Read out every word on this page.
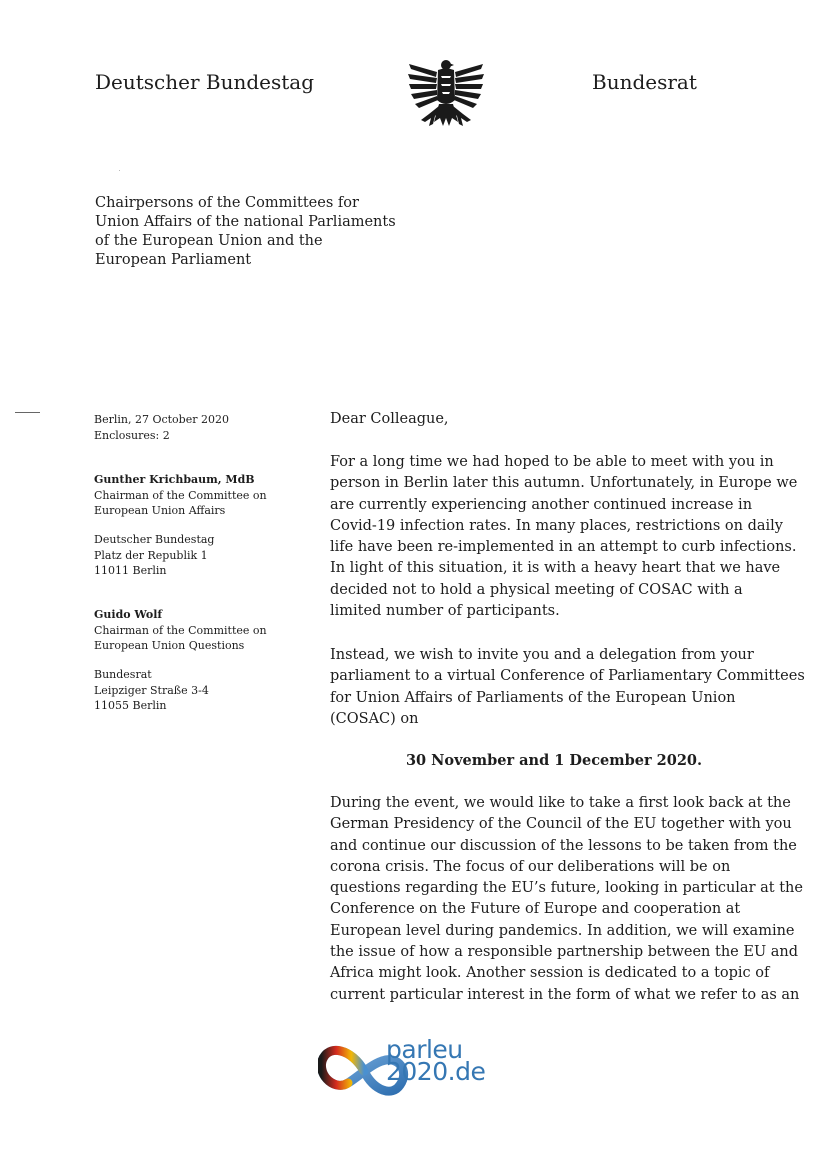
Deutscher Bundestag	Bundesrat
Chairpersons of the Committees for
Union Affairs of the national Parliaments
of the European Union and the
European Parliament
Berlin, 27 October 2020
Enclosures: 2
Gunther Krichbaum, MdB
Chairman of the Committee on
European Union Affairs
Deutscher Bundestag
Platz der Republik 1
11011 Berlin
Guido Wolf
Chairman of the Committee on
European Union Questions
Bundesrat
Leipziger Straße 3-4
11055 Berlin
Dear Colleague,
For a long time we had hoped to be able to meet with you in
person in Berlin later this autumn. Unfortunately, in Europe we
are currently experiencing another continued increase in
Covid-19 infection rates. In many places, restrictions on daily
life have been re-implemented in an attempt to curb infections.
In light of this situation, it is with a heavy heart that we have
decided not to hold a physical meeting of COSAC with a
limited number of participants.
Instead, we wish to invite you and a delegation from your
parliament to a virtual Conference of Parliamentary Committees
for Union Affairs of Parliaments of the European Union
(COSAC) on
30 November and 1 December 2020.
During the event, we would like to take a first look back at the
German Presidency of the Council of the EU together with you
and continue our discussion of the lessons to be taken from the
corona crisis. The focus of our deliberations will be on
questions regarding the EU’s future, looking in particular at the
Conference on the Future of Europe and cooperation at
European level during pandemics. In addition, we will examine
the issue of how a responsible partnership between the EU and
Africa might look. Another session is dedicated to a topic of
current particular interest in the form of what we refer to as an
parleu
2020.de
